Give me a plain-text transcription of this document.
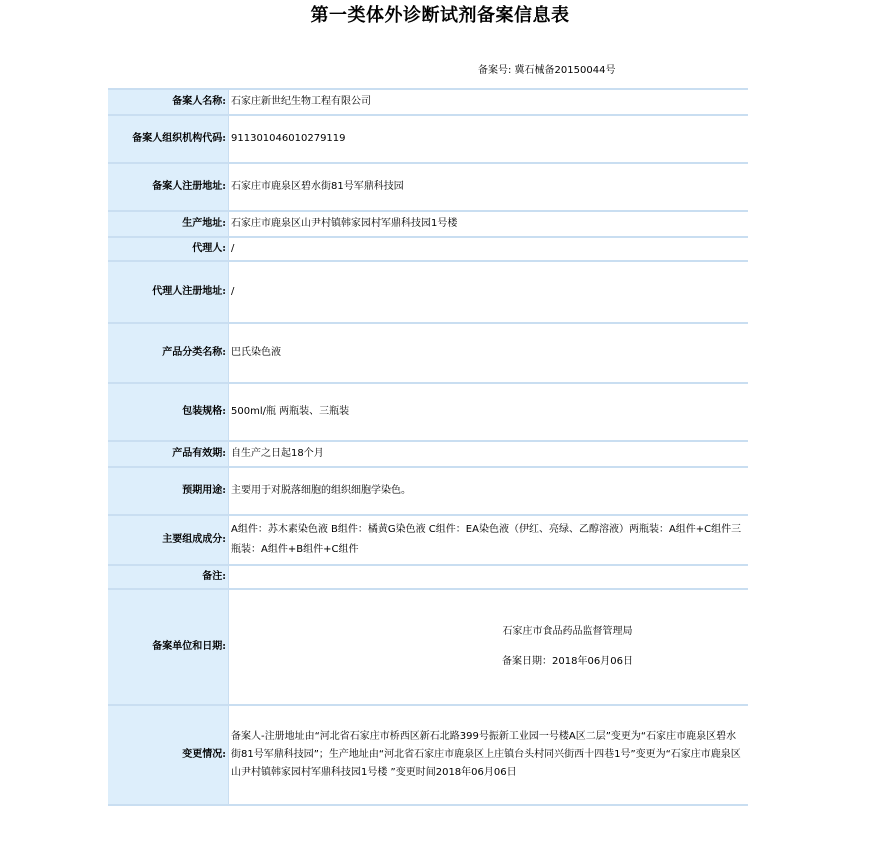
第一类体外诊断试剂备案信息表
备案号: 冀石械备20150044号
备案人名称:	石家庄新世纪生物工程有限公司
备案人组织机构代码:	911301046010279119
备案人注册地址:	石家庄市鹿泉区碧水街81号军鼎科技园
生产地址:	石家庄市鹿泉区山尹村镇韩家园村军鼎科技园1号楼
代理人:	/
代理人注册地址:	/
产品分类名称:	巴氏染色液
包装规格:	500ml/瓶 两瓶装、三瓶装
产品有效期:	自生产之日起18个月
预期用途:	主要用于对脱落细胞的组织细胞学染色。
主要组成成分:	A组件：苏木素染色液 B组件：橘黄G染色液 C组件：EA染色液（伊红、亮绿、乙醇溶液）两瓶装：A组件+C组件三瓶装：A组件+B组件+C组件
备注:	
备案单位和日期:	石家庄市食品药品监督管理局
备案日期：2018年06月06日

变更情况:	备案人-注册地址由“河北省石家庄市桥西区新石北路399号振新工业园一号楼A区二层”变更为“石家庄市鹿泉区碧水街81号军鼎科技园”；生产地址由“河北省石家庄市鹿泉区上庄镇台头村同兴街西十四巷1号”变更为“石家庄市鹿泉区山尹村镇韩家园村军鼎科技园1号楼 ”变更时间2018年06月06日
